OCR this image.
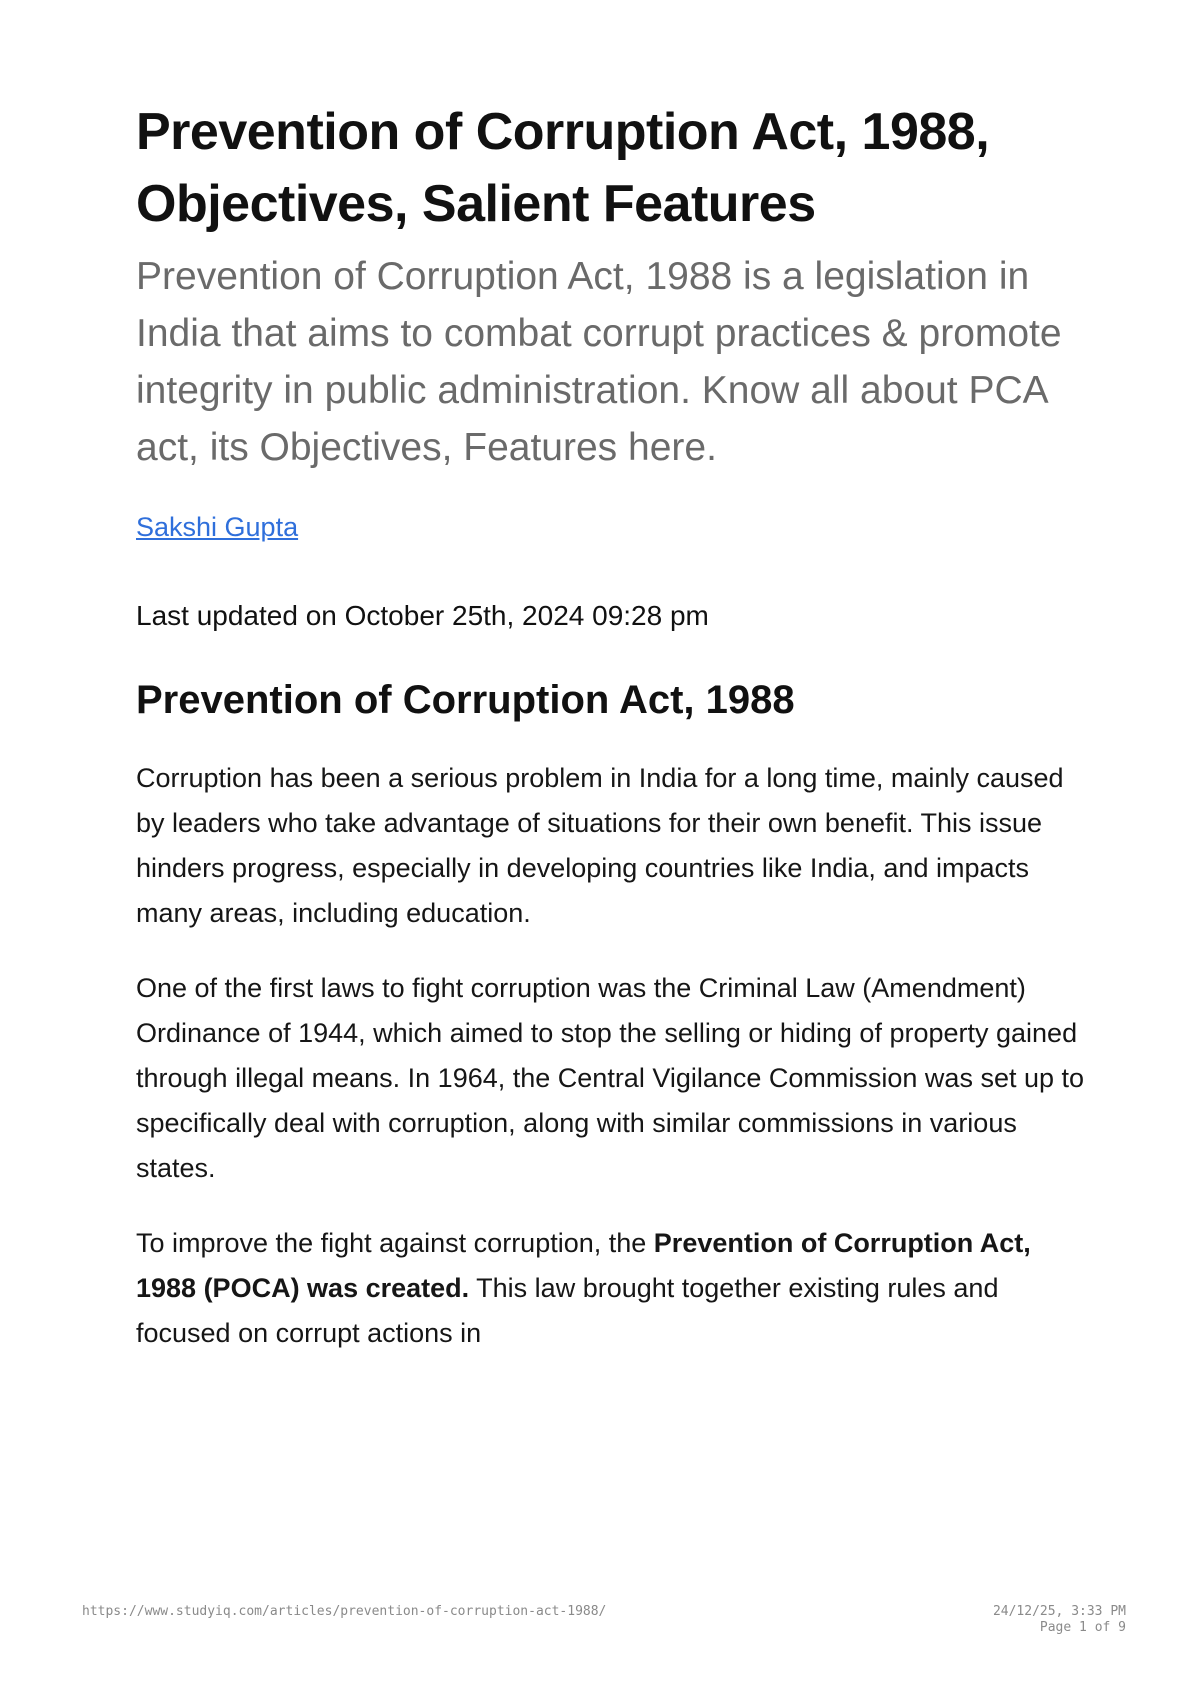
Prevention of Corruption Act, 1988, Objectives, Salient Features

Prevention of Corruption Act, 1988 is a legislation in India that aims to combat corrupt practices & promote integrity in public administration. Know all about PCA act, its Objectives, Features here.

Sakshi Gupta

Last updated on October 25th, 2024 09:28 pm

Prevention of Corruption Act, 1988

Corruption has been a serious problem in India for a long time, mainly caused by leaders who take advantage of situations for their own benefit. This issue hinders progress, especially in developing countries like India, and impacts many areas, including education.

One of the first laws to fight corruption was the Criminal Law (Amendment) Ordinance of 1944, which aimed to stop the selling or hiding of property gained through illegal means. In 1964, the Central Vigilance Commission was set up to specifically deal with corruption, along with similar commissions in various states.

To improve the fight against corruption, the Prevention of Corruption Act, 1988 (POCA) was created. This law brought together existing rules and focused on corrupt actions in

https://www.studyiq.com/articles/prevention-of-corruption-act-1988/	24/12/25, 3:33 PM
Page 1 of 9
